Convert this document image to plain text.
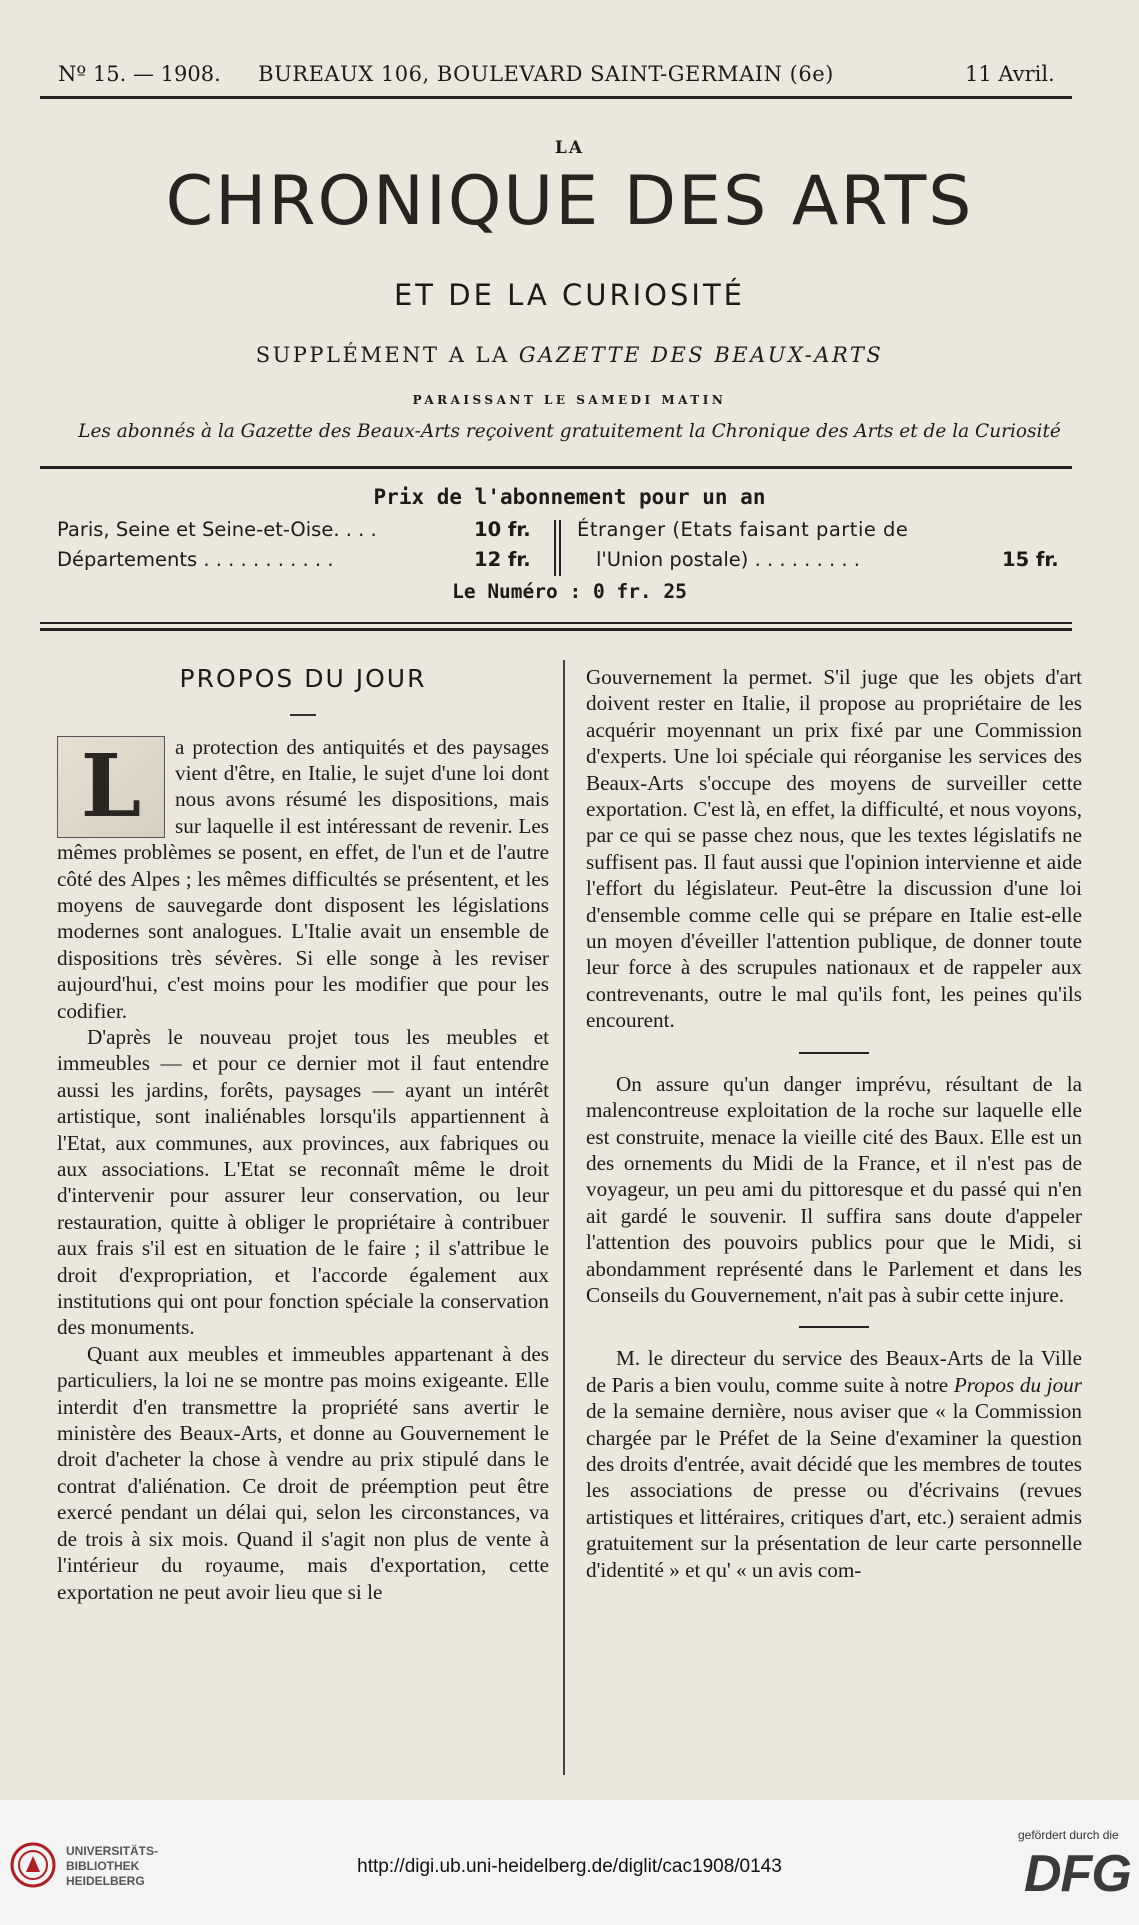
Nº 15. — 1908.	BUREAUX 106, BOULEVARD SAINT-GERMAIN (6e)	11 Avril.
LA
CHRONIQUE DES ARTS
ET DE LA CURIOSITÉ
SUPPLÉMENT A LA GAZETTE DES BEAUX-ARTS
PARAISSANT LE SAMEDI MATIN
Les abonnés à la Gazette des Beaux-Arts reçoivent gratuitement la Chronique des Arts et de la Curiosité
Prix de l'abonnement pour un an
Paris, Seine et Seine-et-Oise. . . .	10 fr.
Départements . . . . . . . . . . .	12 fr.
Étranger (Etats faisant partie de
l'Union postale) . . . . . . . . .	15 fr.
Le Numéro : 0 fr. 25
PROPOS DU JOUR

L	a protection des antiquités et des paysages vient d'être, en Italie, le sujet d'une loi dont nous avons résumé les dispositions, mais sur laquelle il est intéressant de revenir. Les mêmes problèmes se posent, en effet, de l'un et de l'autre côté des Alpes ; les mêmes difficultés se présentent, et les moyens de sauvegarde dont disposent les législations modernes sont analogues. L'Italie avait un ensemble de dispositions très sévères. Si elle songe à les reviser aujourd'hui, c'est moins pour les modifier que pour les codifier.

D'après le nouveau projet tous les meubles et immeubles — et pour ce dernier mot il faut entendre aussi les jardins, forêts, paysages — ayant un intérêt artistique, sont inaliénables lorsqu'ils appartiennent à l'Etat, aux communes, aux provinces, aux fabriques ou aux associations. L'Etat se reconnaît même le droit d'intervenir pour assurer leur conservation, ou leur restauration, quitte à obliger le propriétaire à contribuer aux frais s'il est en situation de le faire ; il s'attribue le droit d'expropriation, et l'accorde également aux institutions qui ont pour fonction spéciale la conservation des monuments.

Quant aux meubles et immeubles appartenant à des particuliers, la loi ne se montre pas moins exigeante. Elle interdit d'en transmettre la propriété sans avertir le ministère des Beaux-Arts, et donne au Gouvernement le droit d'acheter la chose à vendre au prix stipulé dans le contrat d'aliénation. Ce droit de préemption peut être exercé pendant un délai qui, selon les circonstances, va de trois à six mois. Quand il s'agit non plus de vente à l'intérieur du royaume, mais d'exportation, cette exportation ne peut avoir lieu que si le

Gouvernement la permet. S'il juge que les objets d'art doivent rester en Italie, il propose au propriétaire de les acquérir moyennant un prix fixé par une Commission d'experts. Une loi spéciale qui réorganise les services des Beaux-Arts s'occupe des moyens de surveiller cette exportation. C'est là, en effet, la difficulté, et nous voyons, par ce qui se passe chez nous, que les textes législatifs ne suffisent pas. Il faut aussi que l'opinion intervienne et aide l'effort du législateur. Peut-être la discussion d'une loi d'ensemble comme celle qui se prépare en Italie est-elle un moyen d'éveiller l'attention publique, de donner toute leur force à des scrupules nationaux et de rappeler aux contrevenants, outre le mal qu'ils font, les peines qu'ils encourent.

On assure qu'un danger imprévu, résultant de la malencontreuse exploitation de la roche sur laquelle elle est construite, menace la vieille cité des Baux. Elle est un des ornements du Midi de la France, et il n'est pas de voyageur, un peu ami du pittoresque et du passé qui n'en ait gardé le souvenir. Il suffira sans doute d'appeler l'attention des pouvoirs publics pour que le Midi, si abondamment représenté dans le Parlement et dans les Conseils du Gouvernement, n'ait pas à subir cette injure.

M. le directeur du service des Beaux-Arts de la Ville de Paris a bien voulu, comme suite à notre Propos du jour de la semaine dernière, nous aviser que « la Commission chargée par le Préfet de la Seine d'examiner la question des droits d'entrée, avait décidé que les membres de toutes les associations de presse ou d'écrivains (revues artistiques et littéraires, critiques d'art, etc.) seraient admis gratuitement sur la présentation de leur carte personnelle d'identité » et qu' « un avis com-

UNIVERSITÄTS-
BIBLIOTHEK
HEIDELBERG
http://digi.ub.uni-heidelberg.de/diglit/cac1908/0143
gefördert durch die
DFG
